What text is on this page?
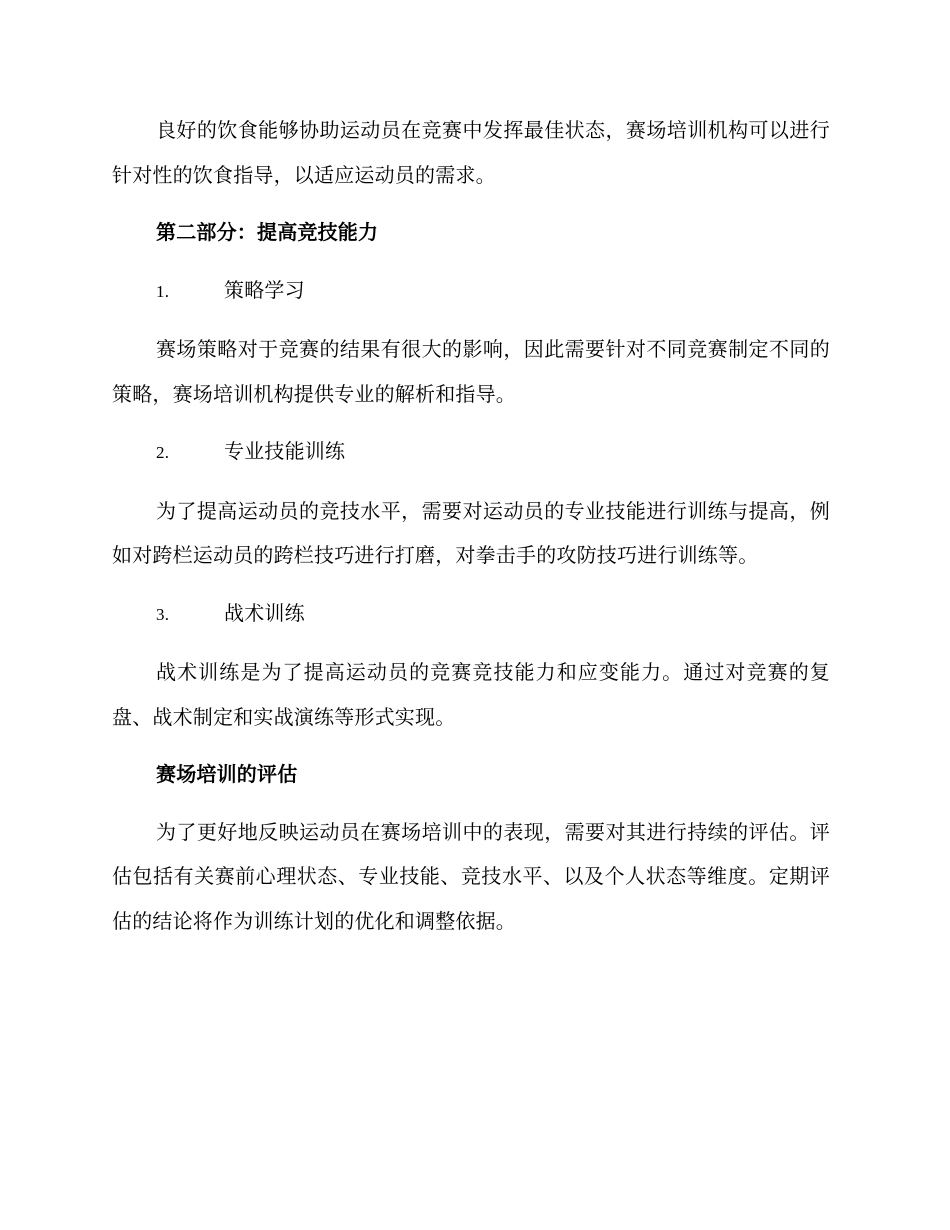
良好的饮食能够协助运动员在竞赛中发挥最佳状态，赛场培训机构可以进行针对性的饮食指导，以适应运动员的需求。

第二部分：提高竞技能力

1.	策略学习

赛场策略对于竞赛的结果有很大的影响，因此需要针对不同竞赛制定不同的策略，赛场培训机构提供专业的解析和指导。

2.	专业技能训练

为了提高运动员的竞技水平，需要对运动员的专业技能进行训练与提高，例如对跨栏运动员的跨栏技巧进行打磨，对拳击手的攻防技巧进行训练等。

3.	战术训练

战术训练是为了提高运动员的竞赛竞技能力和应变能力。通过对竞赛的复盘、战术制定和实战演练等形式实现。

赛场培训的评估

为了更好地反映运动员在赛场培训中的表现，需要对其进行持续的评估。评估包括有关赛前心理状态、专业技能、竞技水平、以及个人状态等维度。定期评估的结论将作为训练计划的优化和调整依据。
